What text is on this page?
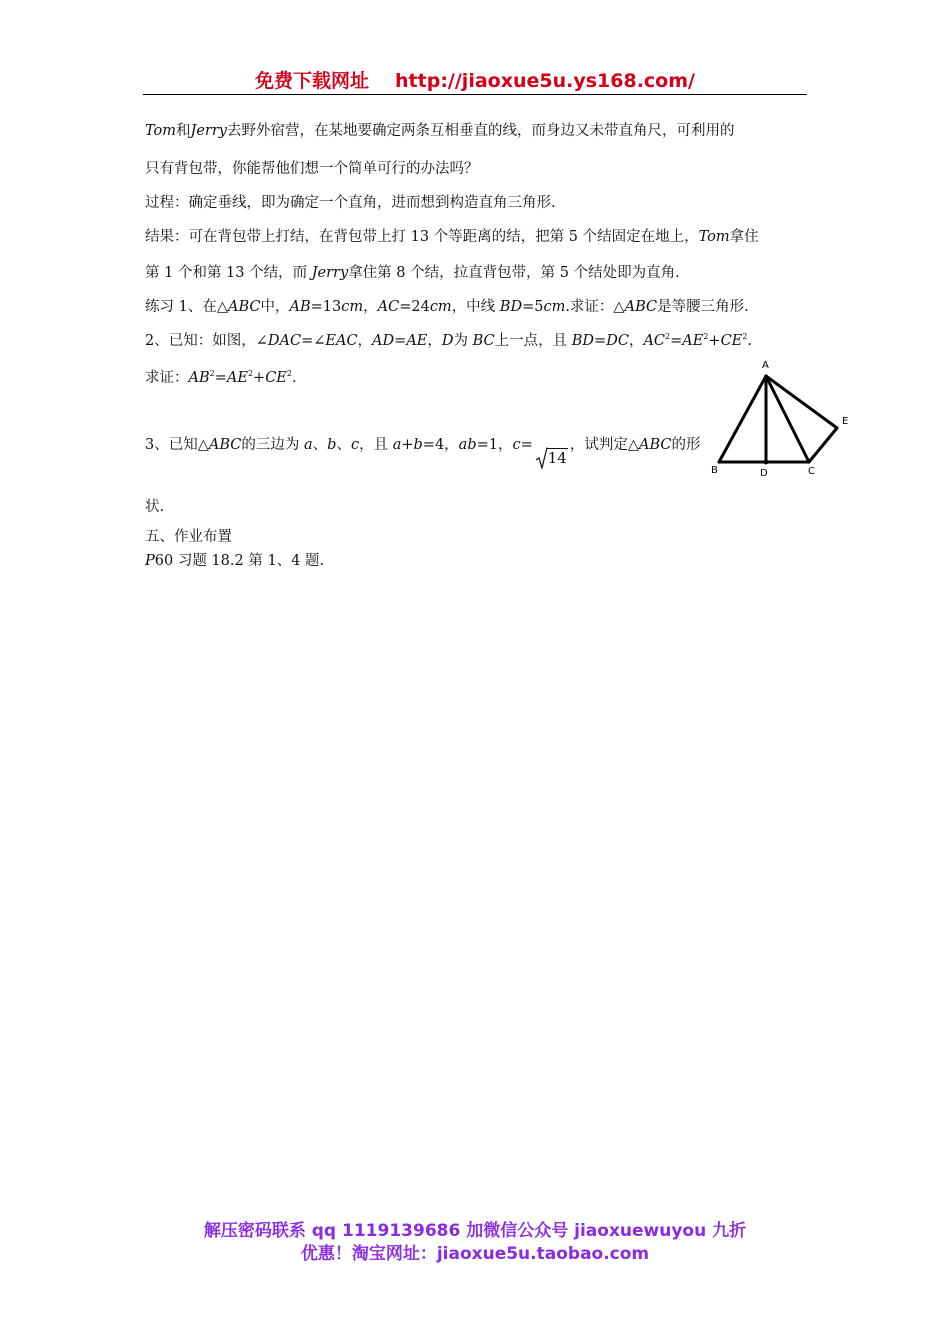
免费下载网址 http://jiaoxue5u.ys168.com/
Tom和Jerry去野外宿营，在某地要确定两条互相垂直的线，而身边又未带直角尺，可利用的
只有背包带，你能帮他们想一个简单可行的办法吗？
过程：确定垂线，即为确定一个直角，进而想到构造直角三角形.
结果：可在背包带上打结，在背包带上打 13 个等距离的结，把第 5 个结固定在地上，Tom拿住
第 1 个和第 13 个结，而 Jerry拿住第 8 个结，拉直背包带，第 5 个结处即为直角.
练习 1、在△ABC中，AB=13cm，AC=24cm，中线 BD=5cm.求证：△ABC是等腰三角形.
2、已知：如图，∠DAC=∠EAC，AD=AE，D为 BC上一点，且 BD=DC，$AC^2=AE^2+CE^2$.
求证：$AB^2=AE^2+CE^2$.
3、已知△ABC的三边为 a、b、c，且 a+b=4，ab=1，c=
14，试判定△ABC的形
状.
五、作业布置
P60 习题 18.2 第 1、4 题.
A
B	D	C
E
解压密码联系 qq 1119139686 加微信公众号 jiaoxuewuyou 九折
优惠！淘宝网址：jiaoxue5u.taobao.com
